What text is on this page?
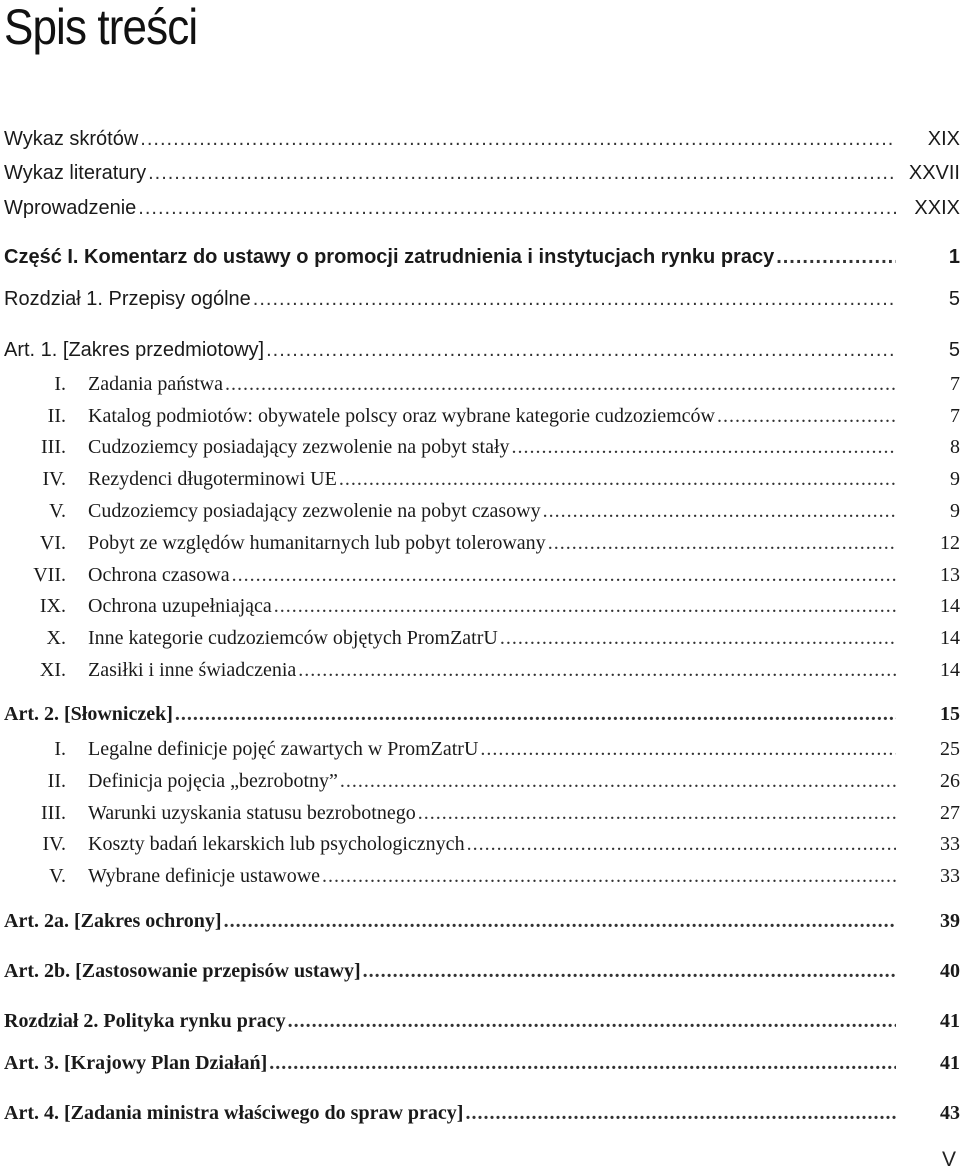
Spis treści
Wykaz skrótów .....	XIX
Wykaz literatury .....	XXVII
Wprowadzenie .....	XXIX
Część I. Komentarz do ustawy o promocji zatrudnienia i instytucjach rynku pracy .....	1
Rozdział 1. Przepisy ogólne .....	5
Art. 1. [Zakres przedmiotowy] .....	5
I.	Zadania państwa .....	7
II.	Katalog podmiotów: obywatele polscy oraz wybrane kategorie cudzoziemców .....	7
III.	Cudzoziemcy posiadający zezwolenie na pobyt stały .....	8
IV.	Rezydenci długoterminowi UE .....	9
V.	Cudzoziemcy posiadający zezwolenie na pobyt czasowy .....	9
VI.	Pobyt ze względów humanitarnych lub pobyt tolerowany .....	12
VII.	Ochrona czasowa .....	13
IX.	Ochrona uzupełniająca .....	14
X.	Inne kategorie cudzoziemców objętych PromZatrU .....	14
XI.	Zasiłki i inne świadczenia .....	14
Art. 2. [Słowniczek] .....	15
I.	Legalne definicje pojęć zawartych w PromZatrU .....	25
II.	Definicja pojęcia „bezrobotny” .....	26
III.	Warunki uzyskania statusu bezrobotnego .....	27
IV.	Koszty badań lekarskich lub psychologicznych .....	33
V.	Wybrane definicje ustawowe .....	33
Art. 2a. [Zakres ochrony] .....	39
Art. 2b. [Zastosowanie przepisów ustawy] .....	40
Rozdział 2. Polityka rynku pracy .....	41
Art. 3. [Krajowy Plan Działań] .....	41
Art. 4. [Zadania ministra właściwego do spraw pracy] .....	43
V
